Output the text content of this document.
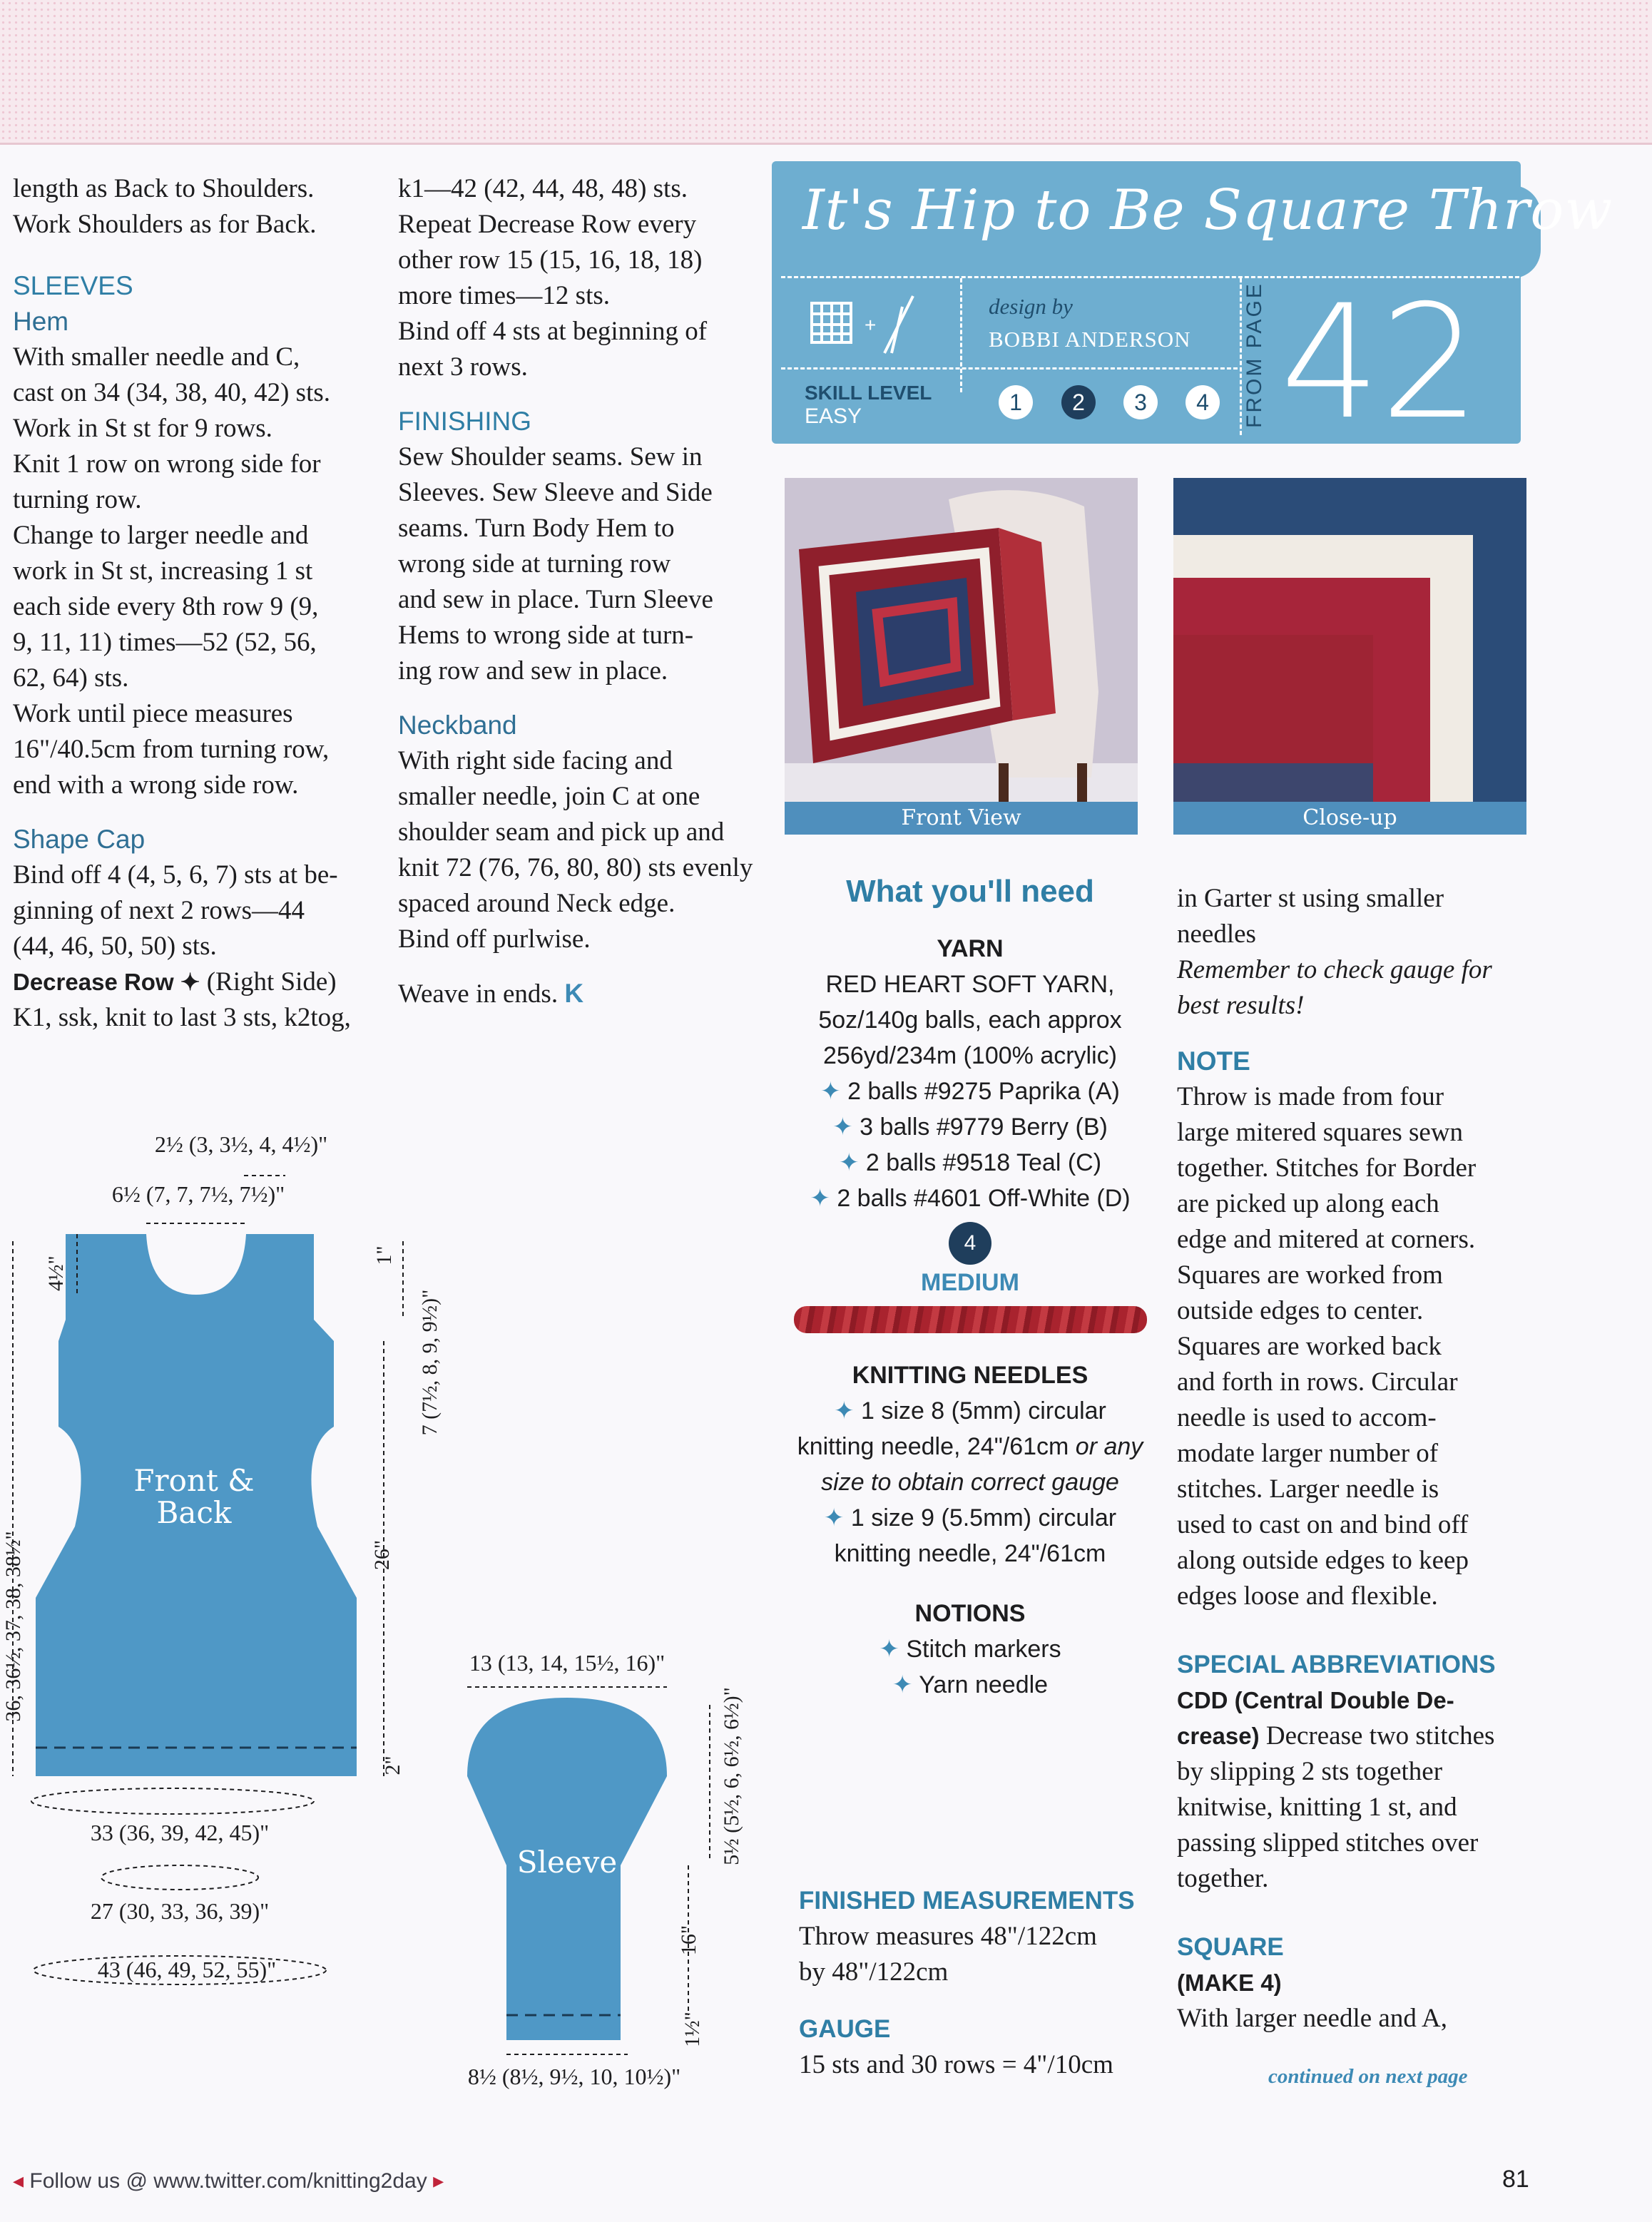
length as Back to Shoulders.

Work Shoulders as for Back.

SLEEVES

Hem

With smaller needle and C,

cast on 34 (34, 38, 40, 42) sts.

Work in St st for 9 rows.

Knit 1 row on wrong side for

turning row.

Change to larger needle and

work in St st, increasing 1 st

each side every 8th row 9 (9,

9, 11, 11) times—52 (52, 56,

62, 64) sts.

Work until piece measures

16"/40.5cm from turning row,

end with a wrong side row.

Shape Cap

Bind off 4 (4, 5, 6, 7) sts at be-

ginning of next 2 rows—44

(44, 46, 50, 50) sts.

Decrease Row ✦ (Right Side)

K1, ssk, knit to last 3 sts, k2tog,

k1—42 (42, 44, 48, 48) sts.

Repeat Decrease Row every

other row 15 (15, 16, 18, 18)

more times—12 sts.

Bind off 4 sts at beginning of

next 3 rows.

FINISHING

Sew Shoulder seams. Sew in

Sleeves. Sew Sleeve and Side

seams. Turn Body Hem to

wrong side at turning row

and sew in place. Turn Sleeve

Hems to wrong side at turn-

ing row and sew in place.

Neckband

With right side facing and

smaller needle, join C at one

shoulder seam and pick up and

knit 72 (76, 76, 80, 80) sts evenly

spaced around Neck edge.

Bind off purlwise.

Weave in ends. K

Front &
Back
2½ (3, 3½, 4, 4½)"
6½ (7, 7, 7½, 7½)"
4½"
36, 36½, 37, 38, 38½"
7 (7½, 8, 9, 9½)"
1"
26"
2"
33 (36, 39, 42, 45)"
27 (30, 33, 36, 39)"
43 (46, 49, 52, 55)"
Sleeve
13 (13, 14, 15½, 16)"
5½ (5½, 6, 6½, 6½)"
16"
1½"
8½ (8½, 9½, 10, 10½)"
It's Hip to Be Square Throw
+
design by
BOBBI ANDERSON
SKILL LEVEL
EASY
1	2	3	4	FROM PAGE 42
Front View	Close-up
What you'll need
YARN
RED HEART SOFT YARN,
5oz/140g balls, each approx
256yd/234m (100% acrylic)
✦ 2 balls #9275 Paprika (A)
✦ 3 balls #9779 Berry (B)
✦ 2 balls #9518 Teal (C)
✦ 2 balls #4601 Off-White (D)
4
MEDIUM
KNITTING NEEDLES
✦ 1 size 8 (5mm) circular
knitting needle, 24"/61cm or any
size to obtain correct gauge
✦ 1 size 9 (5.5mm) circular
knitting needle, 24"/61cm
NOTIONS
✦ Stitch markers
✦ Yarn needle
FINISHED MEASUREMENTS
Throw measures 48"/122cm
by 48"/122cm
GAUGE
15 sts and 30 rows = 4"/10cm
in Garter st using smaller
needles
Remember to check gauge for
best results!
NOTE
Throw is made from four
large mitered squares sewn
together. Stitches for Border
are picked up along each
edge and mitered at corners.
Squares are worked from
outside edges to center.
Squares are worked back
and forth in rows. Circular
needle is used to accom-
modate larger number of
stitches. Larger needle is
used to cast on and bind off
along outside edges to keep
edges loose and flexible.
SPECIAL ABBREVIATIONS
CDD (Central Double De-
crease) Decrease two stitches
by slipping 2 sts together
knitwise, knitting 1 st, and
passing slipped stitches over
together.
SQUARE
(MAKE 4)
With larger needle and A,
continued on next page
◂ Follow us @ www.twitter.com/knitting2day ▸	81
